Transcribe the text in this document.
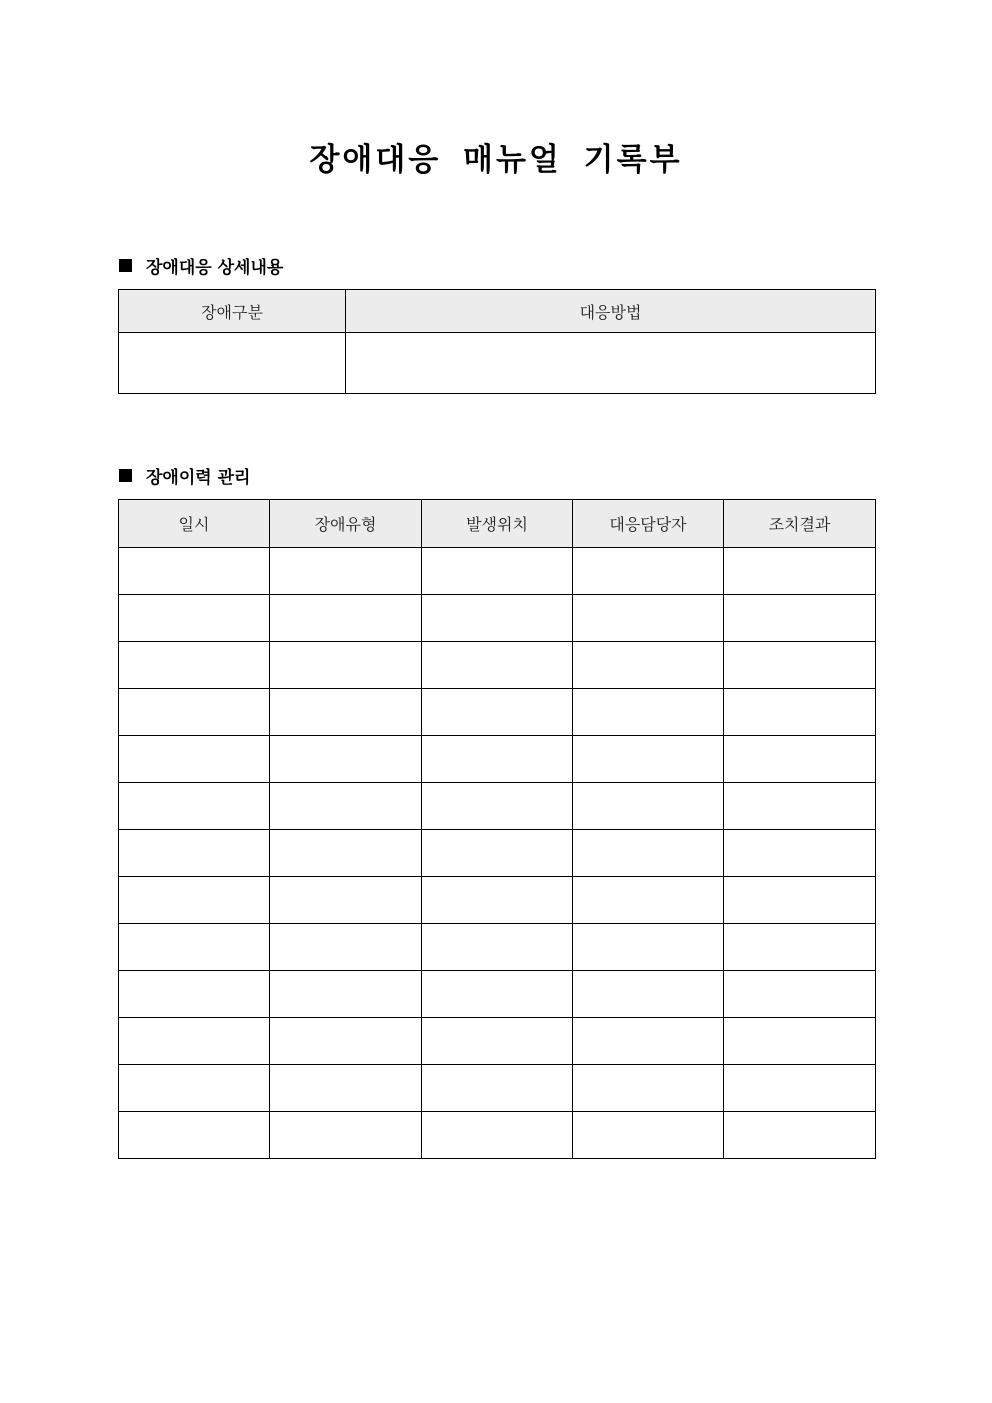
장애대응 매뉴얼 기록부
장애대응 상세내용
장애구분	대응방법

장애이력 관리
일시	장애유형	발생위치	대응담당자	조치결과
